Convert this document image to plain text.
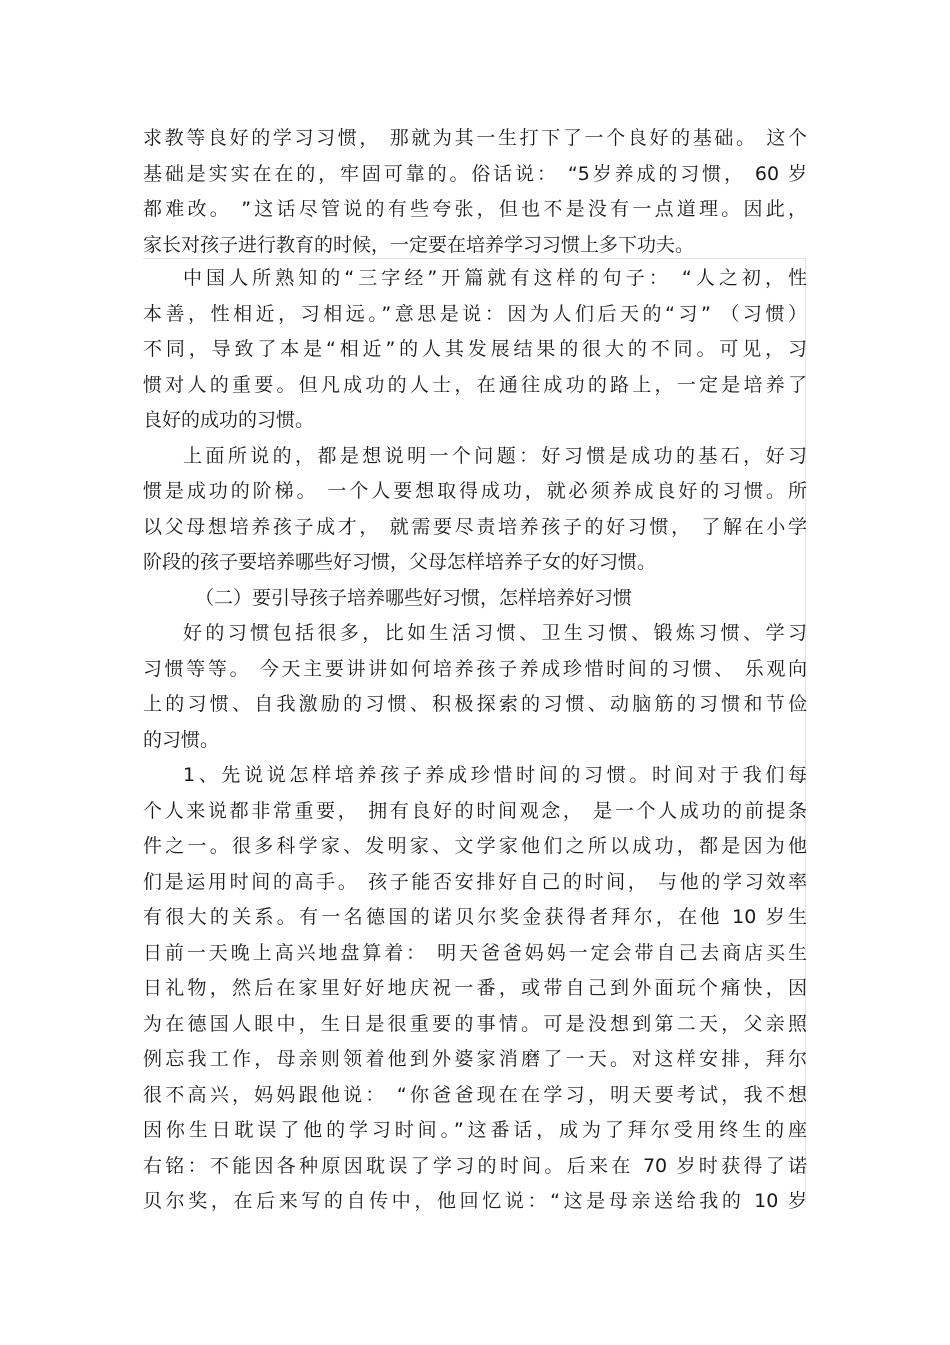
求教等良好的学习习惯， 那就为其一生打下了一个良好的基础。 这个
基础是实实在在的，牢固可靠的。俗话说： “5岁养成的习惯， 60 岁
都难改。 ”这话尽管说的有些夸张，但也不是没有一点道理。因此，
家长对孩子进行教育的时候，一定要在培养学习习惯上多下功夫。
中国人所熟知的“三字经”开篇就有这样的句子： “人之初，性
本善，性相近，习相远。”意思是说：因为人们后天的“习” （习惯）
不同，导致了本是“相近”的人其发展结果的很大的不同。可见，习
惯对人的重要。但凡成功的人士，在通往成功的路上，一定是培养了
良好的成功的习惯。
上面所说的，都是想说明一个问题：好习惯是成功的基石，好习
惯是成功的阶梯。 一个人要想取得成功，就必须养成良好的习惯。所
以父母想培养孩子成才， 就需要尽责培养孩子的好习惯， 了解在小学
阶段的孩子要培养哪些好习惯，父母怎样培养子女的好习惯。
（二）要引导孩子培养哪些好习惯，怎样培养好习惯
好的习惯包括很多，比如生活习惯、卫生习惯、锻炼习惯、学习
习惯等等。 今天主要讲讲如何培养孩子养成珍惜时间的习惯、 乐观向
上的习惯、自我激励的习惯、积极探索的习惯、动脑筋的习惯和节俭
的习惯。
1、先说说怎样培养孩子养成珍惜时间的习惯。时间对于我们每
个人来说都非常重要， 拥有良好的时间观念， 是一个人成功的前提条
件之一。很多科学家、发明家、文学家他们之所以成功，都是因为他
们是运用时间的高手。 孩子能否安排好自己的时间， 与他的学习效率
有很大的关系。有一名德国的诺贝尔奖金获得者拜尔，在他 10 岁生
日前一天晚上高兴地盘算着： 明天爸爸妈妈一定会带自己去商店买生
日礼物，然后在家里好好地庆祝一番，或带自己到外面玩个痛快，因
为在德国人眼中，生日是很重要的事情。可是没想到第二天，父亲照
例忘我工作，母亲则领着他到外婆家消磨了一天。对这样安排，拜尔
很不高兴，妈妈跟他说： “你爸爸现在在学习，明天要考试，我不想
因你生日耽误了他的学习时间。”这番话，成为了拜尔受用终生的座
右铭：不能因各种原因耽误了学习的时间。后来在 70 岁时获得了诺
贝尔奖，在后来写的自传中，他回忆说：“这是母亲送给我的 10 岁
